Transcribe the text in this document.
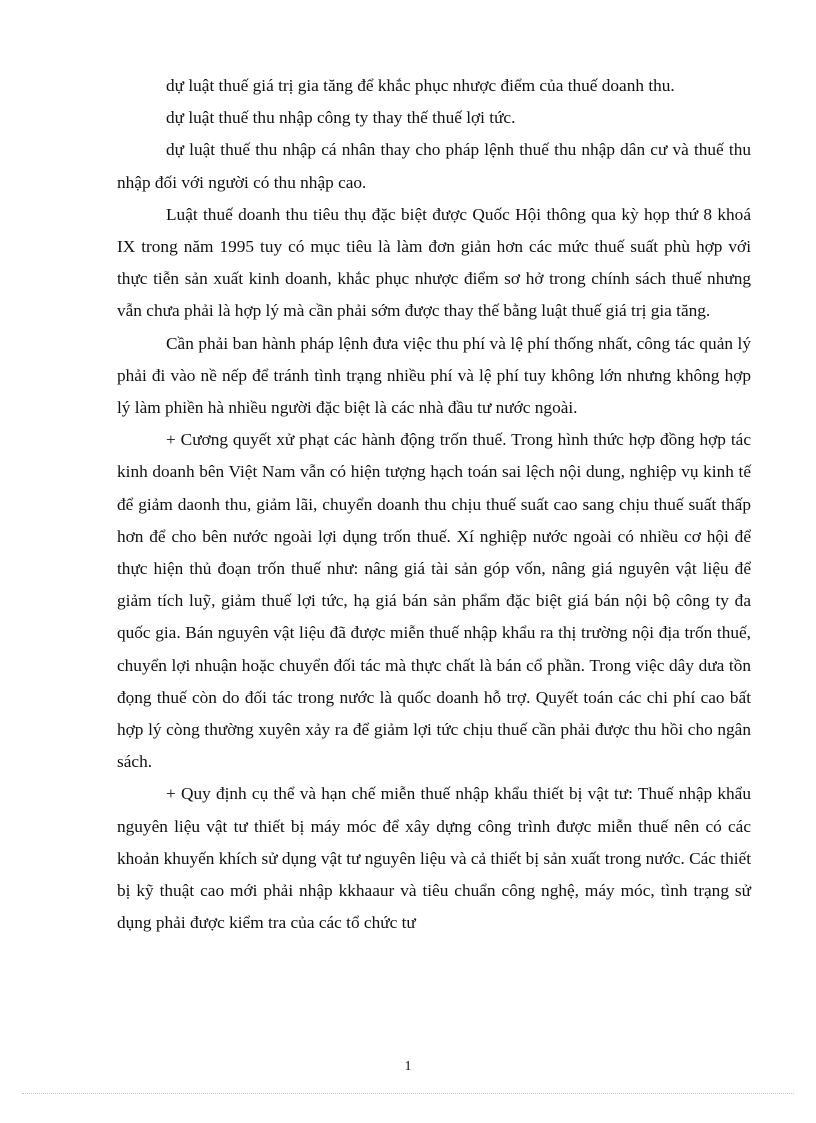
dự luật thuế giá trị gia tăng để khắc phục nhược điểm của thuế doanh thu.

dự luật thuế thu nhập công ty thay thế thuế lợi tức.

dự luật thuế thu nhập cá nhân thay cho pháp lệnh thuế thu nhập dân cư và thuế thu nhập đối với người có thu nhập cao.

Luật thuế doanh thu tiêu thụ đặc biệt được Quốc Hội thông qua kỳ họp thứ 8 khoá IX trong năm 1995 tuy có mục tiêu là làm đơn giản hơn các mức thuế suất phù hợp với thực tiễn sản xuất kinh doanh, khắc phục nhược điểm sơ hở trong chính sách thuế nhưng vẫn chưa phải là hợp lý mà cần phải sớm được thay thế bằng luật thuế giá trị gia tăng.

Cần phải ban hành pháp lệnh đưa việc thu phí và lệ phí thống nhất, công tác quản lý phải đi vào nề nếp để tránh tình trạng nhiều phí và lệ phí tuy không lớn nhưng không hợp lý làm phiền hà nhiều người đặc biệt là các nhà đầu tư nước ngoài.

+ Cương quyết xử phạt các hành động trốn thuế. Trong hình thức hợp đồng hợp tác kinh doanh bên Việt Nam vẫn có hiện tượng hạch toán sai lệch nội dung, nghiệp vụ kinh tế để giảm daonh thu, giảm lãi, chuyển doanh thu chịu thuế suất cao sang chịu thuế suất thấp hơn để cho bên nước ngoài lợi dụng trốn thuế. Xí nghiệp nước ngoài có nhiều cơ hội để thực hiện thủ đoạn trốn thuế như: nâng giá tài sản góp vốn, nâng giá nguyên vật liệu để giảm tích luỹ, giảm thuế lợi tức, hạ giá bán sản phẩm đặc biệt giá bán nội bộ công ty đa quốc gia. Bán nguyên vật liệu đã được miễn thuế nhập khẩu ra thị trường nội địa trốn thuế, chuyển lợi nhuận hoặc chuyển đối tác mà thực chất là bán cổ phần. Trong việc dây dưa tồn đọng thuế còn do đối tác trong nước là quốc doanh hỗ trợ. Quyết toán các chi phí cao bất hợp lý còng thường xuyên xảy ra để giảm lợi tức chịu thuế cần phải được thu hồi cho ngân sách.

+ Quy định cụ thể và hạn chế miễn thuế nhập khẩu thiết bị vật tư: Thuế nhập khẩu nguyên liệu vật tư thiết bị máy móc để xây dựng công trình được miễn thuế nên có các khoản khuyến khích sử dụng vật tư nguyên liệu và cả thiết bị sản xuất trong nước. Các thiết bị kỹ thuật cao mới phải nhập kkhaaur và tiêu chuẩn công nghệ, máy móc, tình trạng sử dụng phải được kiểm tra của các tổ chức tư

1
